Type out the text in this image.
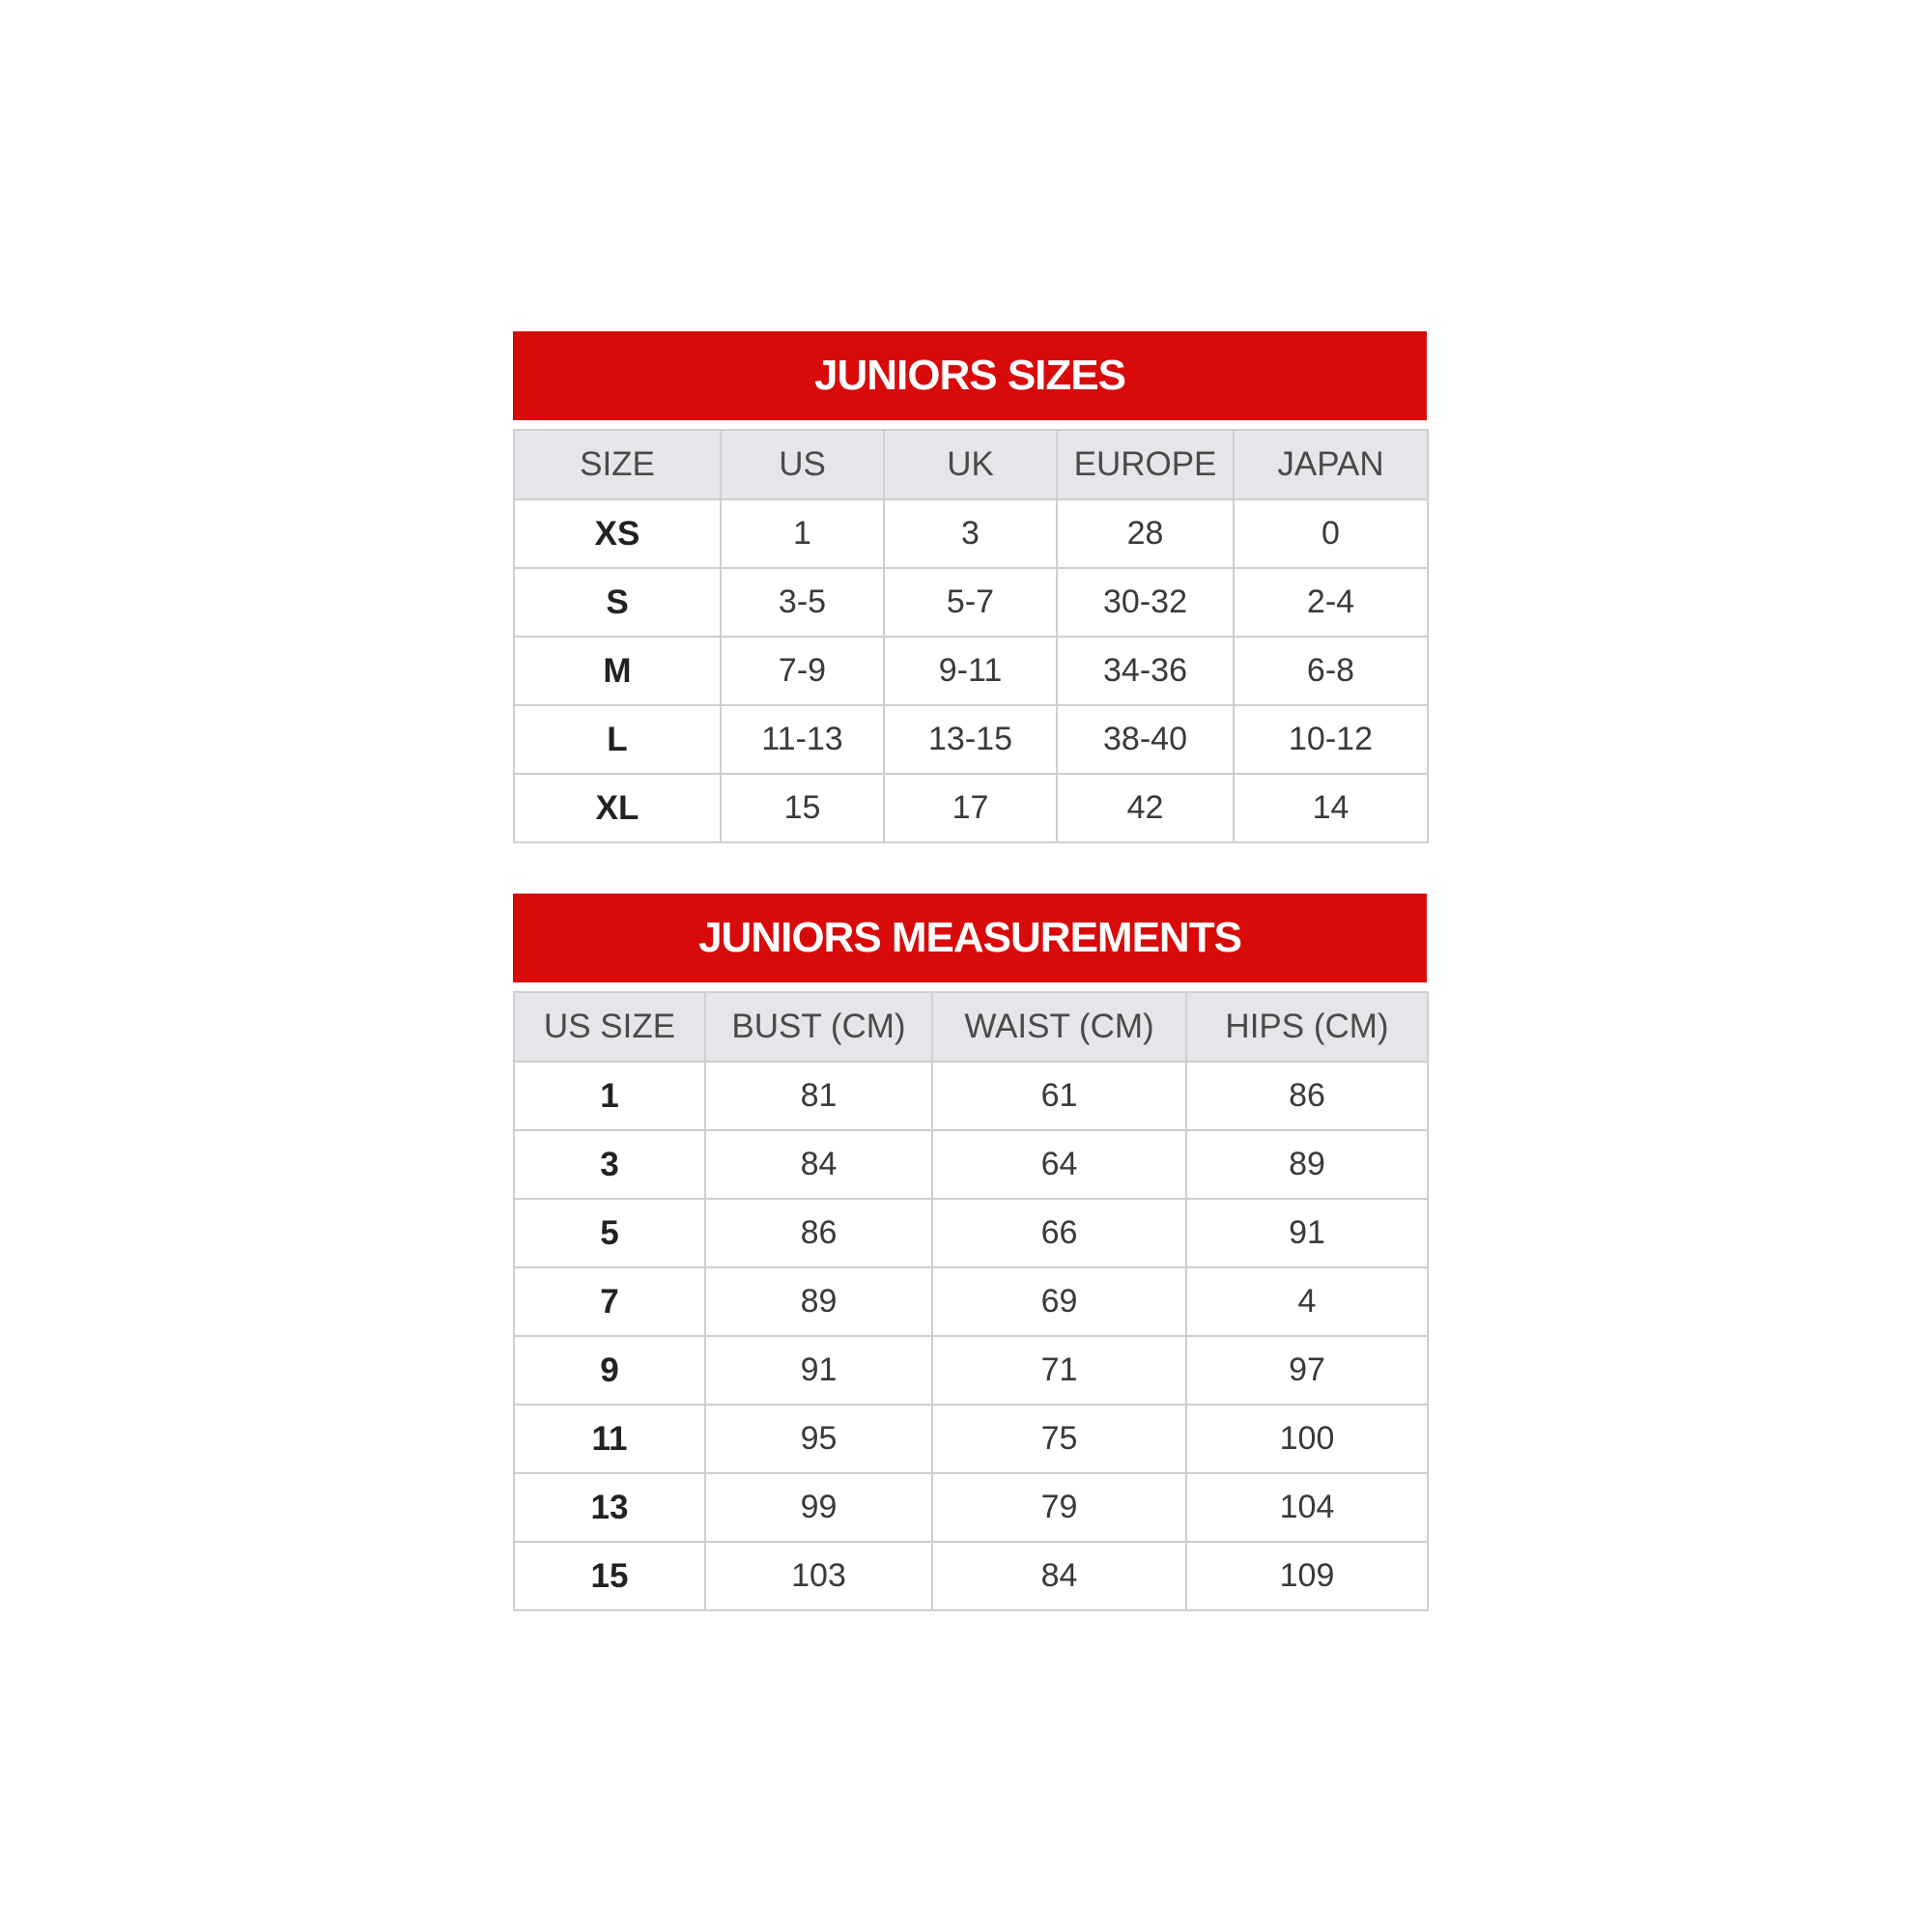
JUNIORS SIZES
SIZE	US	UK	EUROPE	JAPAN
XS	1	3	28	0
S	3-5	5-7	30-32	2-4
M	7-9	9-11	34-36	6-8
L	11-13	13-15	38-40	10-12
XL	15	17	42	14
JUNIORS MEASUREMENTS
US SIZE	BUST (CM)	WAIST (CM)	HIPS (CM)
1	81	61	86
3	84	64	89
5	86	66	91
7	89	69	4
9	91	71	97
11	95	75	100
13	99	79	104
15	103	84	109
